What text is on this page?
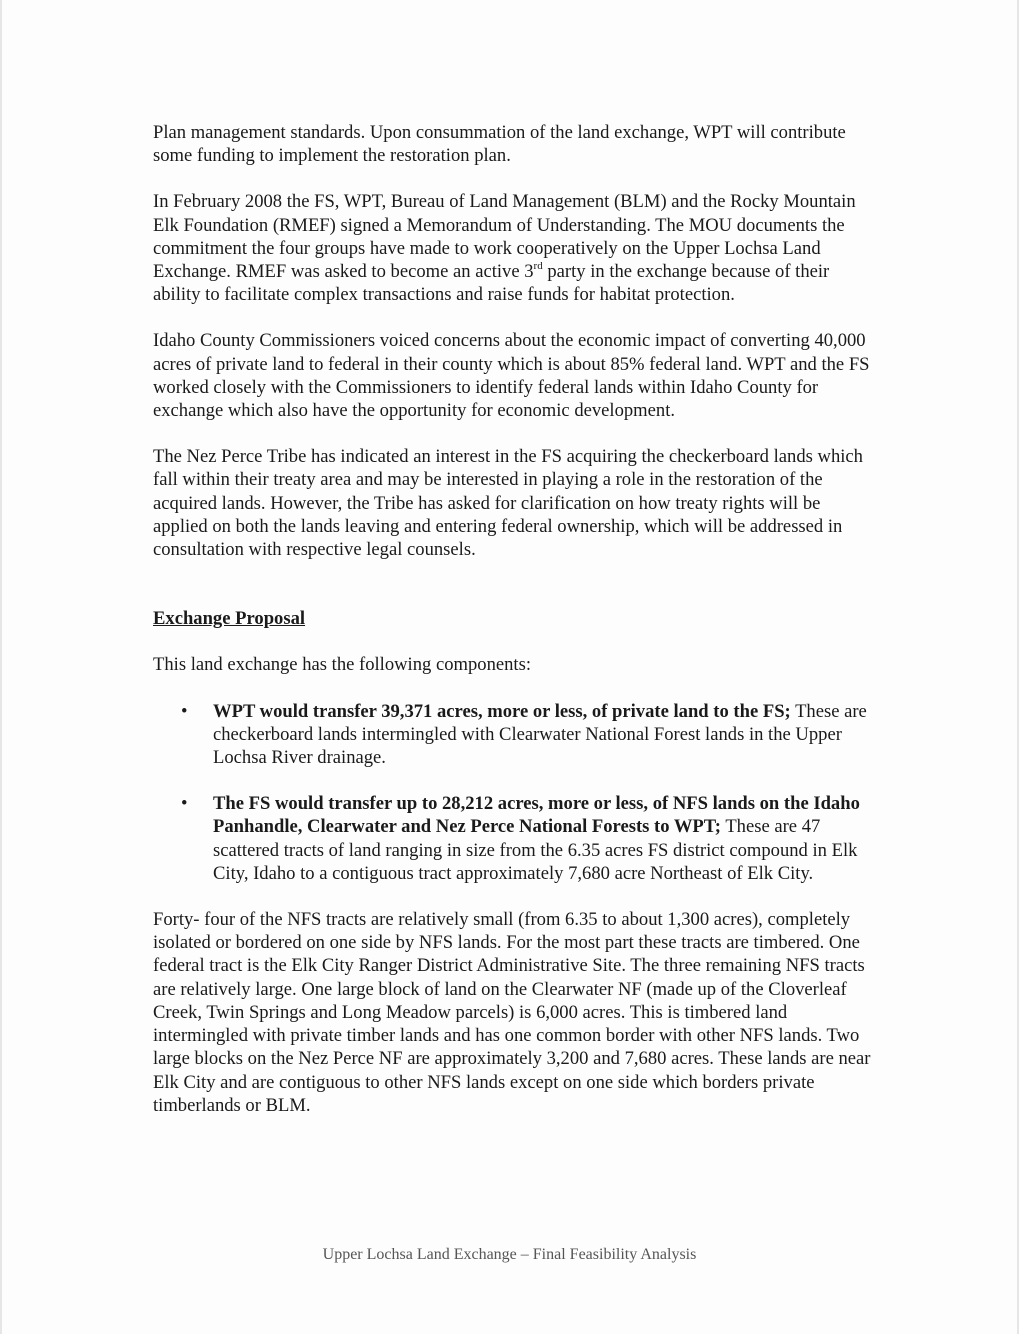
Plan management standards. Upon consummation of the land exchange, WPT will contribute some funding to implement the restoration plan.

In February 2008 the FS, WPT, Bureau of Land Management (BLM) and the Rocky Mountain Elk Foundation (RMEF) signed a Memorandum of Understanding. The MOU documents the commitment the four groups have made to work cooperatively on the Upper Lochsa Land Exchange. RMEF was asked to become an active 3rd party in the exchange because of their ability to facilitate complex transactions and raise funds for habitat protection.

Idaho County Commissioners voiced concerns about the economic impact of converting 40,000 acres of private land to federal in their county which is about 85% federal land. WPT and the FS worked closely with the Commissioners to identify federal lands within Idaho County for exchange which also have the opportunity for economic development.

The Nez Perce Tribe has indicated an interest in the FS acquiring the checkerboard lands which fall within their treaty area and may be interested in playing a role in the restoration of the acquired lands. However, the Tribe has asked for clarification on how treaty rights will be applied on both the lands leaving and entering federal ownership, which will be addressed in consultation with respective legal counsels.

Exchange Proposal

This land exchange has the following components:

• WPT would transfer 39,371 acres, more or less, of private land to the FS; These are checkerboard lands intermingled with Clearwater National Forest lands in the Upper Lochsa River drainage.
• The FS would transfer up to 28,212 acres, more or less, of NFS lands on the Idaho Panhandle, Clearwater and Nez Perce National Forests to WPT; These are 47 scattered tracts of land ranging in size from the 6.35 acres FS district compound in Elk City, Idaho to a contiguous tract approximately 7,680 acre Northeast of Elk City.

Forty- four of the NFS tracts are relatively small (from 6.35 to about 1,300 acres), completely isolated or bordered on one side by NFS lands. For the most part these tracts are timbered. One federal tract is the Elk City Ranger District Administrative Site. The three remaining NFS tracts are relatively large. One large block of land on the Clearwater NF (made up of the Cloverleaf Creek, Twin Springs and Long Meadow parcels) is 6,000 acres. This is timbered land intermingled with private timber lands and has one common border with other NFS lands. Two large blocks on the Nez Perce NF are approximately 3,200 and 7,680 acres. These lands are near Elk City and are contiguous to other NFS lands except on one side which borders private timberlands or BLM.

Upper Lochsa Land Exchange – Final Feasibility Analysis
